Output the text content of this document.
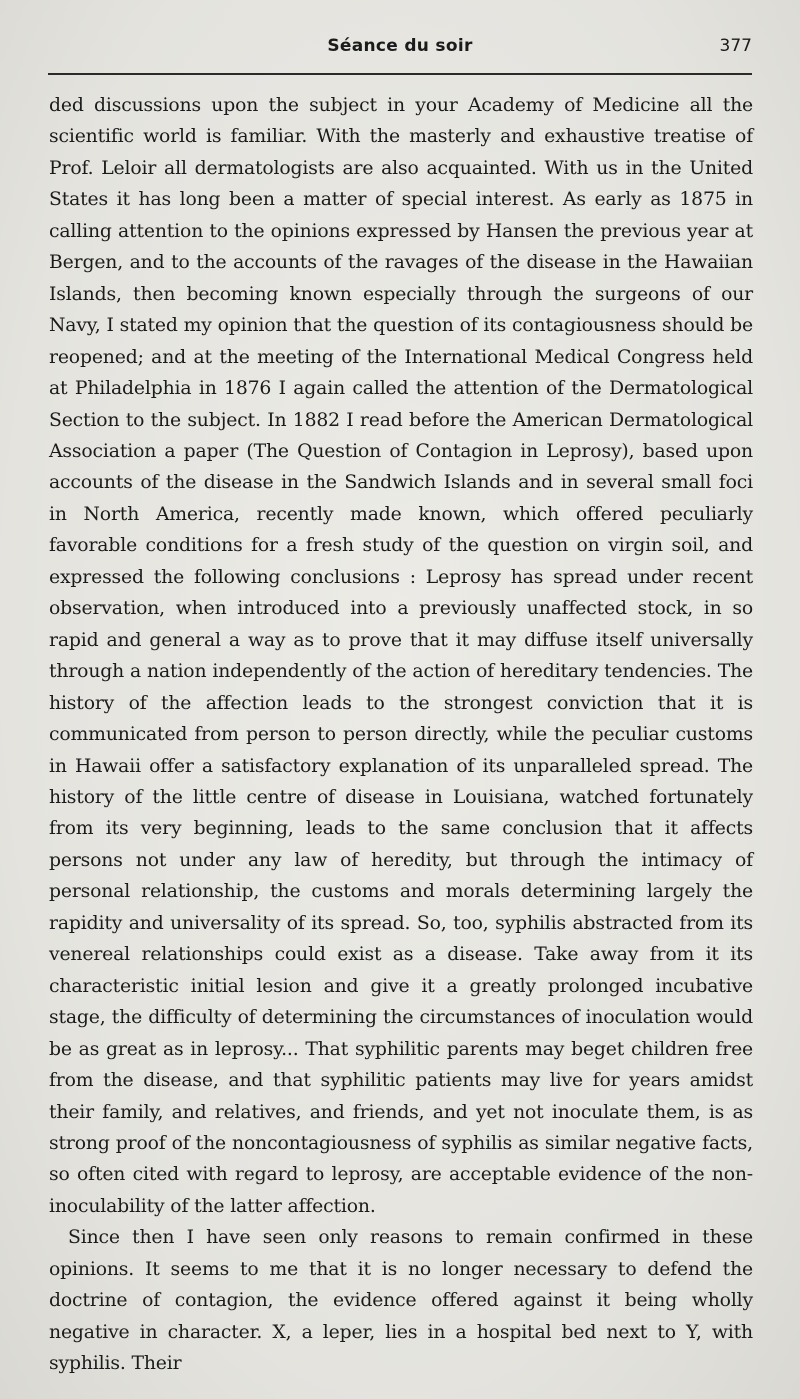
Séance du soir	377

ded discussions upon the subject in your Academy of Medicine all the scientific world is familiar. With the masterly and exhaustive treatise of Prof. Leloir all dermatologists are also acquainted. With us in the United States it has long been a matter of special interest. As early as 1875 in calling attention to the opinions expressed by Hansen the previous year at Bergen, and to the accounts of the ravages of the disease in the Hawaiian Islands, then becoming known especially through the surgeons of our Navy, I stated my opinion that the question of its contagiousness should be reopened; and at the meeting of the International Medical Congress held at Philadelphia in 1876 I again called the attention of the Dermatological Section to the subject. In 1882 I read before the American Dermatological Association a paper (The Question of Contagion in Leprosy), based upon accounts of the disease in the Sandwich Islands and in several small foci in North America, recently made known, which offered peculiarly favorable conditions for a fresh study of the question on virgin soil, and expressed the following conclusions : Leprosy has spread under recent observation, when introduced into a previously unaffected stock, in so rapid and general a way as to prove that it may diffuse itself universally through a nation independently of the action of hereditary tendencies. The history of the affection leads to the strongest conviction that it is communicated from person to person directly, while the peculiar customs in Hawaii offer a satisfactory explanation of its unparalleled spread. The history of the little centre of disease in Louisiana, watched fortunately from its very beginning, leads to the same conclusion that it affects persons not under any law of heredity, but through the intimacy of personal relationship, the customs and morals determining largely the rapidity and universality of its spread. So, too, syphilis abstracted from its venereal relationships could exist as a disease. Take away from it its characteristic initial lesion and give it a greatly prolonged incubative stage, the difficulty of determining the circumstances of inoculation would be as great as in leprosy... That syphilitic parents may beget children free from the disease, and that syphilitic patients may live for years amidst their family, and relatives, and friends, and yet not inoculate them, is as strong proof of the noncontagiousness of syphilis as similar negative facts, so often cited with regard to leprosy, are acceptable evidence of the non-inoculability of the latter affection.

Since then I have seen only reasons to remain confirmed in these opinions. It seems to me that it is no longer necessary to defend the doctrine of contagion, the evidence offered against it being wholly negative in character. X, a leper, lies in a hospital bed next to Y, with syphilis. Their
